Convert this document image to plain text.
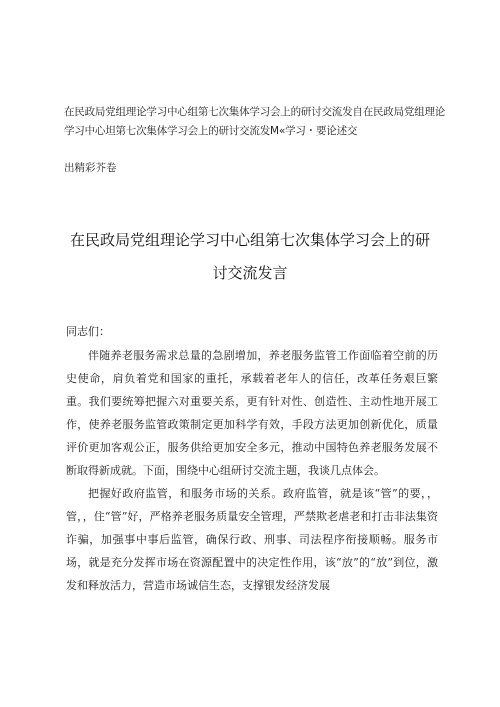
在民政局党组理论学习中心组第七次集体学习会上的研讨交流发自在民政局党组理论
学习中心坦第七次集体学习会上的研讨交流发M«学习・要论述交
出精彩芥卷
在民政局党组理论学习中心组第七次集体学习会上的研
讨交流发言
同志们：

伴随养老服务需求总量的急剧增加，养老服务监管工作面临着空前的历史使命，肩负着党和国家的重托，承载着老年人的信任，改革任务艰巨繁重。我们要统筹把握六对重要关系，更有针对性、创造性、主动性地开展工作，使养老服务监管政策制定更加科学有效，手段方法更加创新优化，质量评价更加客观公正，服务供给更加安全多元，推动中国特色养老服务发展不断取得新成就。下面，围绕中心组研讨交流主题，我谈几点体会。

把握好政府监管，和服务市场的关系。政府监管，就是该“管”的要，，管，，住“管”好，严格养老服务质量安全管理，严禁欺老虐老和打击非法集资诈骗，加强事中事后监管，确保行政、刑事、司法程序衔接顺畅。服务市场，就是充分发挥市场在资源配置中的决定性作用，该“放”的“放”到位，激发和释放活力，营造市场诚信生态，支撑银发经济发展
